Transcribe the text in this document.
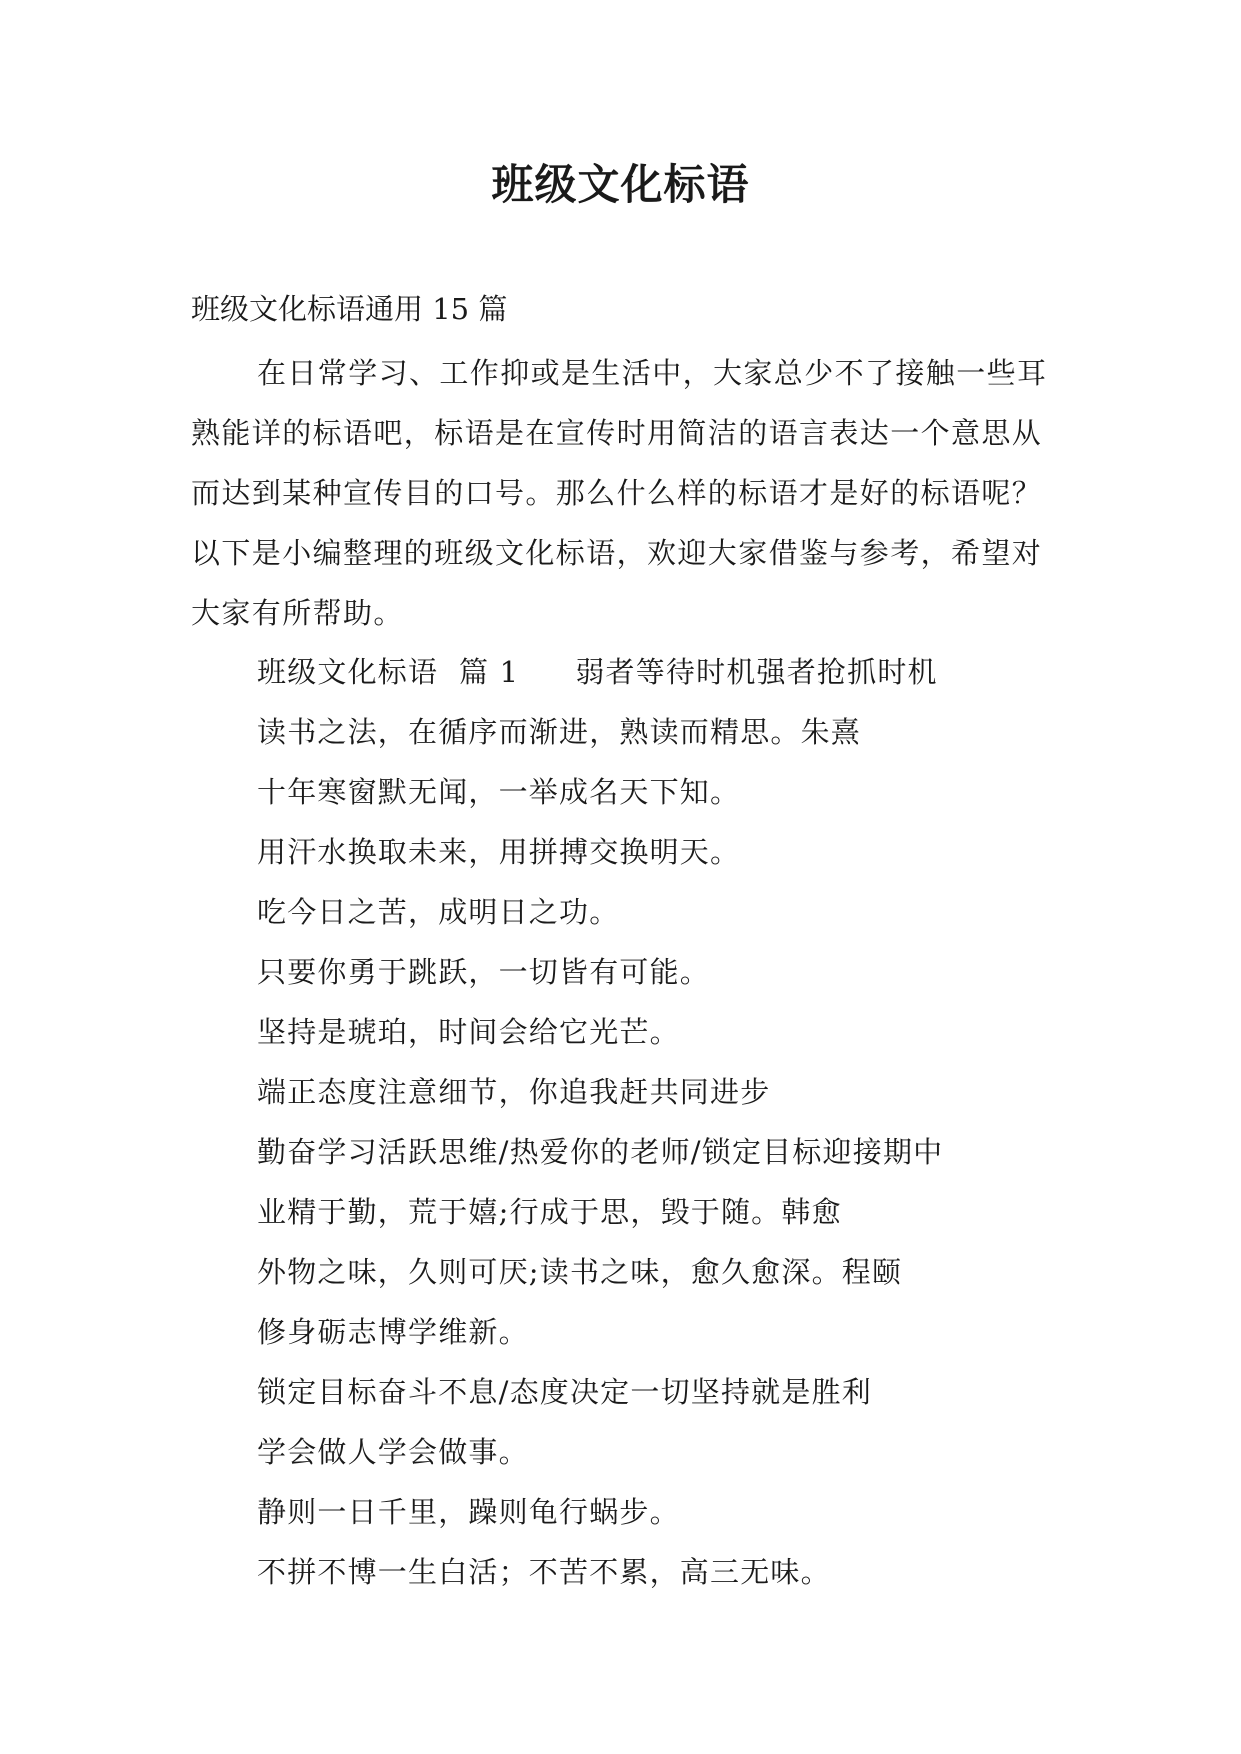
班级文化标语

班级文化标语通用 15 篇

在日常学习、工作抑或是生活中，大家总少不了接触一些耳熟能详的标语吧，标语是在宣传时用简洁的语言表达一个意思从而达到某种宣传目的口号。那么什么样的标语才是好的标语呢？以下是小编整理的班级文化标语，欢迎大家借鉴与参考，希望对大家有所帮助。

班级文化标语  篇 1 弱者等待时机强者抢抓时机
读书之法，在循序而渐进，熟读而精思。朱熹
十年寒窗默无闻，一举成名天下知。
用汗水换取未来，用拼搏交换明天。
吃今日之苦，成明日之功。
只要你勇于跳跃，一切皆有可能。
坚持是琥珀，时间会给它光芒。
端正态度注意细节，你追我赶共同进步
勤奋学习活跃思维/热爱你的老师/锁定目标迎接期中
业精于勤，荒于嬉;行成于思，毁于随。韩愈
外物之味，久则可厌;读书之味，愈久愈深。程颐
修身砺志博学维新。
锁定目标奋斗不息/态度决定一切坚持就是胜利
学会做人学会做事。
静则一日千里，躁则龟行蜗步。
不拼不博一生白活；不苦不累，高三无味。
